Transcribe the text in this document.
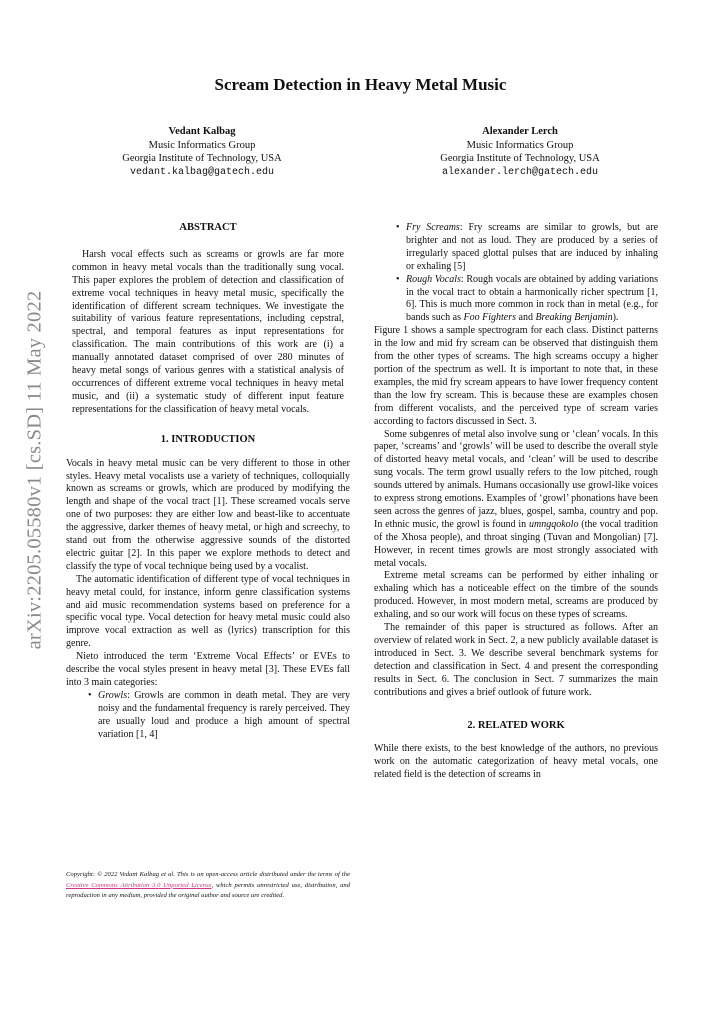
arXiv:2205.05580v1 [cs.SD] 11 May 2022
Scream Detection in Heavy Metal Music
Vedant Kalbag
Music Informatics Group
Georgia Institute of Technology, USA
vedant.kalbag@gatech.edu
Alexander Lerch
Music Informatics Group
Georgia Institute of Technology, USA
alexander.lerch@gatech.edu

ABSTRACT

Harsh vocal effects such as screams or growls are far more common in heavy metal vocals than the traditionally sung vocal. This paper explores the problem of detection and classification of extreme vocal techniques in heavy metal music, specifically the identification of different scream techniques. We investigate the suitability of various feature representations, including cepstral, spectral, and temporal features as input representations for classification. The main contributions of this work are (i) a manually annotated dataset comprised of over 280 minutes of heavy metal songs of various genres with a statistical analysis of occurrences of different extreme vocal techniques in heavy metal music, and (ii) a systematic study of different input feature representations for the classification of heavy metal vocals.

1. INTRODUCTION

Vocals in heavy metal music can be very different to those in other styles. Heavy metal vocalists use a variety of techniques, colloquially known as screams or growls, which are produced by modifying the length and shape of the vocal tract [1]. These screamed vocals serve one of two purposes: they are either low and beast-like to accentuate the aggressive, darker themes of heavy metal, or high and screechy, to stand out from the otherwise aggressive sounds of the distorted electric guitar [2]. In this paper we explore methods to detect and classify the type of vocal technique being used by a vocalist.

The automatic identification of different type of vocal techniques in heavy metal could, for instance, inform genre classification systems and aid music recommendation systems based on preference for a specific vocal type. Vocal detection for heavy metal music could also improve vocal extraction as well as (lyrics) transcription for this genre.

Nieto introduced the term ‘Extreme Vocal Effects’ or EVEs to describe the vocal styles present in heavy metal [3]. These EVEs fall into 3 main categories:

• Growls: Growls are common in death metal. They are very noisy and the fundamental frequency is rarely perceived. They are usually loud and produce a high amount of spectral variation [1, 4]
Copyright: © 2022 Vedant Kalbag et al. This is an open-access article distributed under the terms of the Creative Commons Attribution 3.0 Unported License, which permits unrestricted use, distribution, and reproduction in any medium, provided the original author and source are credited.
• Fry Screams: Fry screams are similar to growls, but are brighter and not as loud. They are produced by a series of irregularly spaced glottal pulses that are induced by inhaling or exhaling [5]
• Rough Vocals: Rough vocals are obtained by adding variations in the vocal tract to obtain a harmonically richer spectrum [1, 6]. This is much more common in rock than in metal (e.g., for bands such as Foo Fighters and Breaking Benjamin).

Figure 1 shows a sample spectrogram for each class. Distinct patterns in the low and mid fry scream can be observed that distinguish them from the other types of screams. The high screams occupy a higher portion of the spectrum as well. It is important to note that, in these examples, the mid fry scream appears to have lower frequency content than the low fry scream. This is because these are examples chosen from different vocalists, and the perceived type of scream varies according to factors discussed in Sect. 3.

Some subgenres of metal also involve sung or ‘clean’ vocals. In this paper, ‘screams’ and ‘growls’ will be used to describe the overall style of distorted heavy metal vocals, and ‘clean’ will be used to describe sung vocals. The term growl usually refers to the low pitched, rough sounds uttered by animals. Humans occasionally use growl-like voices to express strong emotions. Examples of ‘growl’ phonations have been seen across the genres of jazz, blues, gospel, samba, country and pop. In ethnic music, the growl is found in umngqokolo (the vocal tradition of the Xhosa people), and throat singing (Tuvan and Mongolian) [7]. However, in recent times growls are most strongly associated with metal vocals.

Extreme metal screams can be performed by either inhaling or exhaling which has a noticeable effect on the timbre of the sounds produced. However, in most modern metal, screams are produced by exhaling, and so our work will focus on these types of screams.

The remainder of this paper is structured as follows. After an overview of related work in Sect. 2, a new publicly available dataset is introduced in Sect. 3. We describe several benchmark systems for detection and classification in Sect. 4 and present the corresponding results in Sect. 6. The conclusion in Sect. 7 summarizes the main contributions and gives a brief outlook of future work.

2. RELATED WORK

While there exists, to the best knowledge of the authors, no previous work on the automatic categorization of heavy metal vocals, one related field is the detection of screams in
